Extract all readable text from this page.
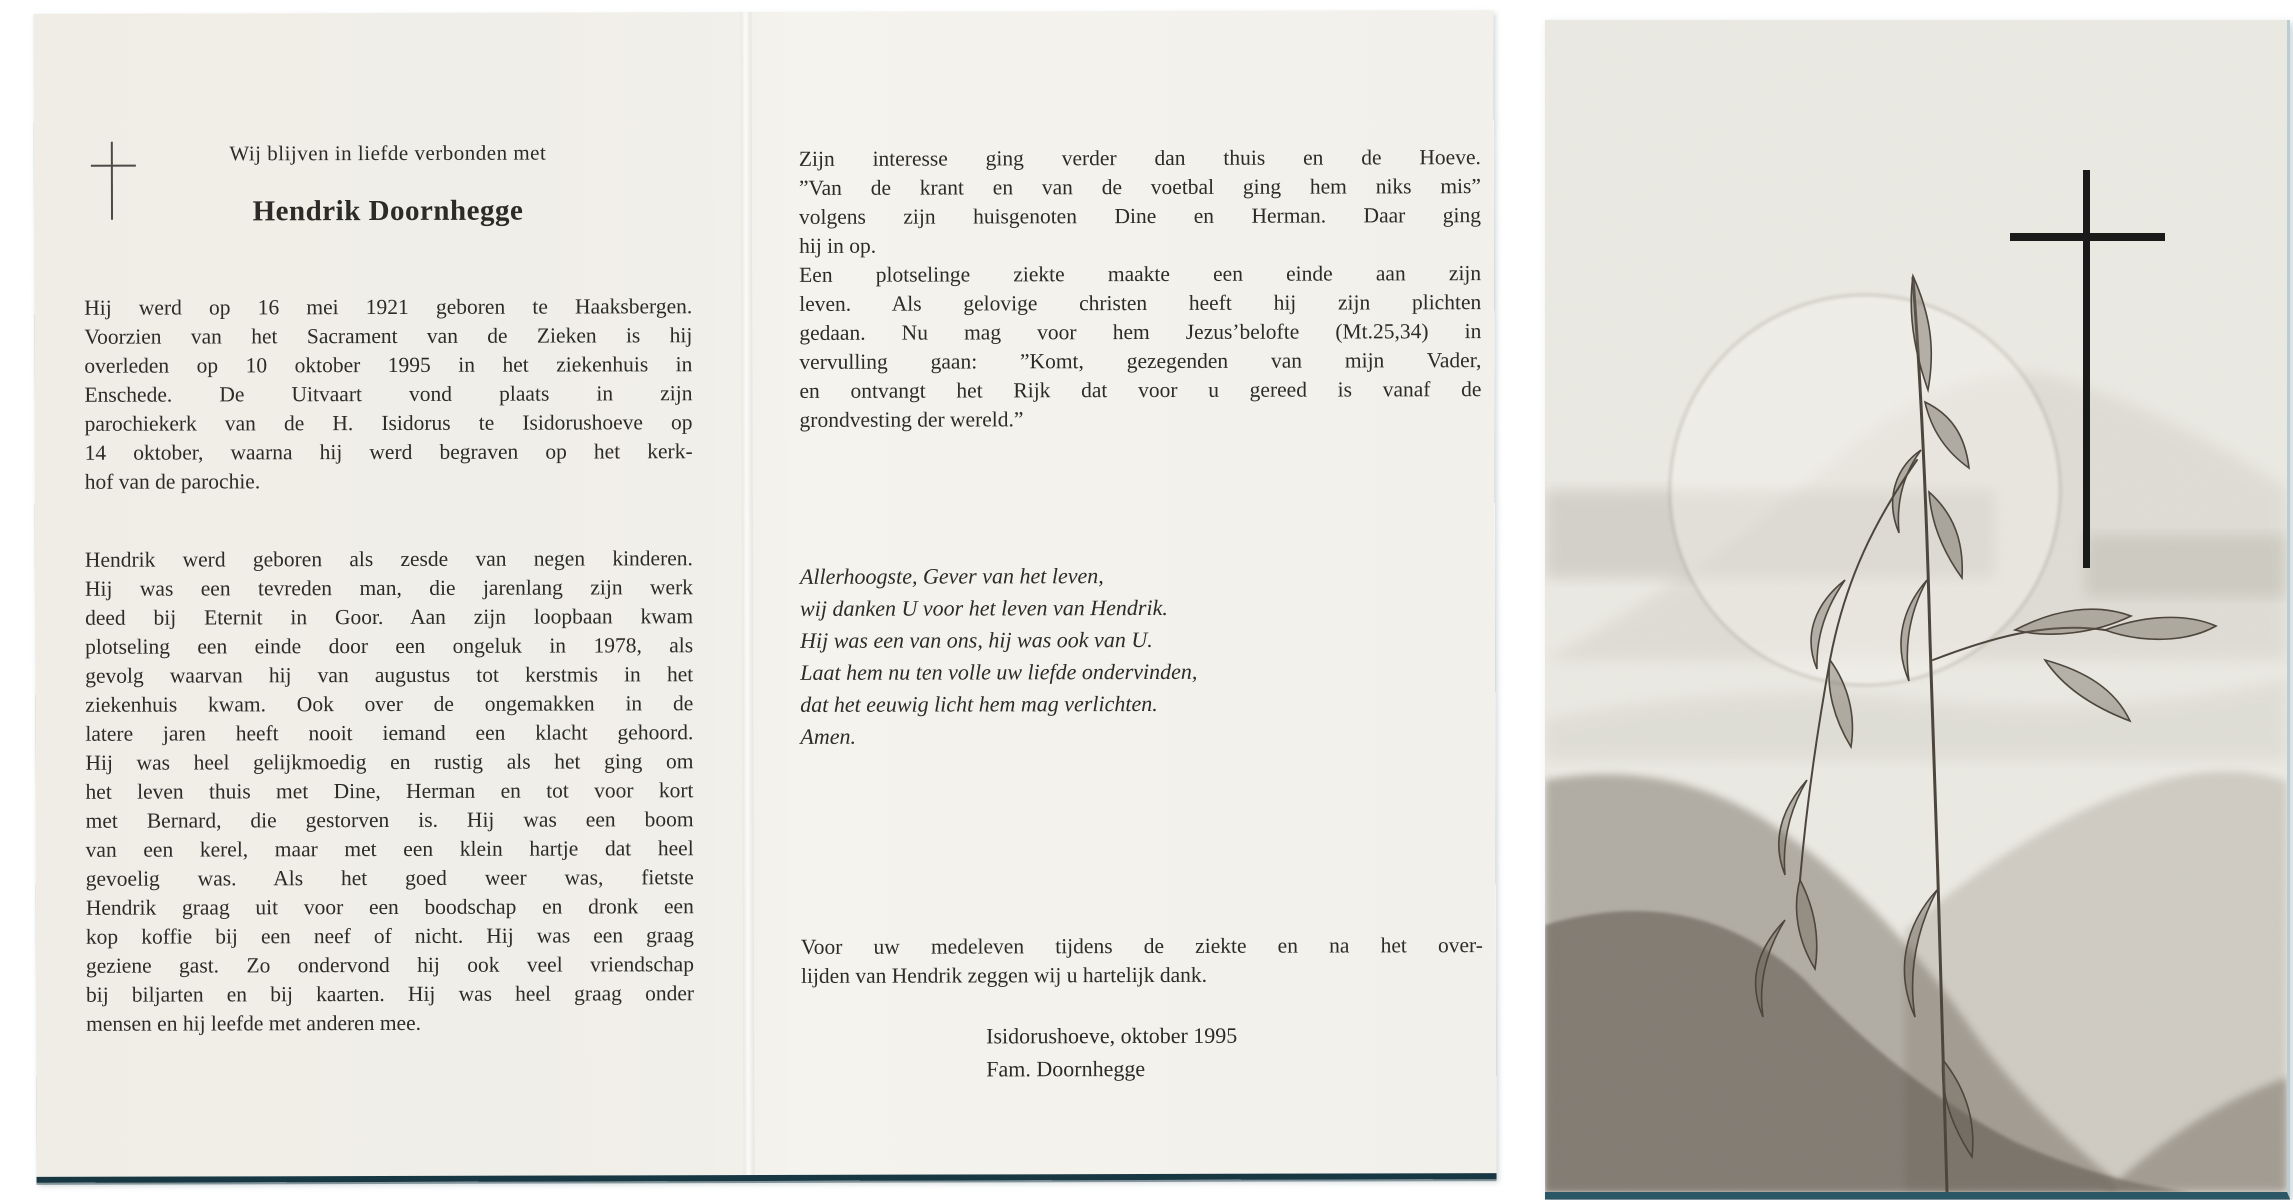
Wij blijven in liefde verbonden met
Hendrik Doornhegge
Hij werd op 16 mei 1921 geboren te Haaksbergen.
Voorzien van het Sacrament van de Zieken is hij
overleden op 10 oktober 1995 in het ziekenhuis in
Enschede. De Uitvaart vond plaats in zijn
parochiekerk van de H. Isidorus te Isidorushoeve op
14 oktober, waarna hij werd begraven op het kerk-
hof van de parochie.
Hendrik werd geboren als zesde van negen kinderen.
Hij was een tevreden man, die jarenlang zijn werk
deed bij Eternit in Goor. Aan zijn loopbaan kwam
plotseling een einde door een ongeluk in 1978, als
gevolg waarvan hij van augustus tot kerstmis in het
ziekenhuis kwam. Ook over de ongemakken in de
latere jaren heeft nooit iemand een klacht gehoord.
Hij was heel gelijkmoedig en rustig als het ging om
het leven thuis met Dine, Herman en tot voor kort
met Bernard, die gestorven is. Hij was een boom
van een kerel, maar met een klein hartje dat heel
gevoelig was. Als het goed weer was, fietste
Hendrik graag uit voor een boodschap en dronk een
kop koffie bij een neef of nicht. Hij was een graag
geziene gast. Zo ondervond hij ook veel vriendschap
bij biljarten en bij kaarten. Hij was heel graag onder
mensen en hij leefde met anderen mee.
Zijn interesse ging verder dan thuis en de Hoeve.
”Van de krant en van de voetbal ging hem niks mis”
volgens zijn huisgenoten Dine en Herman. Daar ging
hij in op.
Een plotselinge ziekte maakte een einde aan zijn
leven. Als gelovige christen heeft hij zijn plichten
gedaan. Nu mag voor hem Jezus’belofte (Mt.25,34) in
vervulling gaan: ”Komt, gezegenden van mijn Vader,
en ontvangt het Rijk dat voor u gereed is vanaf de
grondvesting der wereld.”
Allerhoogste, Gever van het leven,
wij danken U voor het leven van Hendrik.
Hij was een van ons, hij was ook van U.
Laat hem nu ten volle uw liefde ondervinden,
dat het eeuwig licht hem mag verlichten.
Amen.
Voor uw medeleven tijdens de ziekte en na het over-
lijden van Hendrik zeggen wij u hartelijk dank.
Isidorushoeve, oktober 1995
Fam. Doornhegge
